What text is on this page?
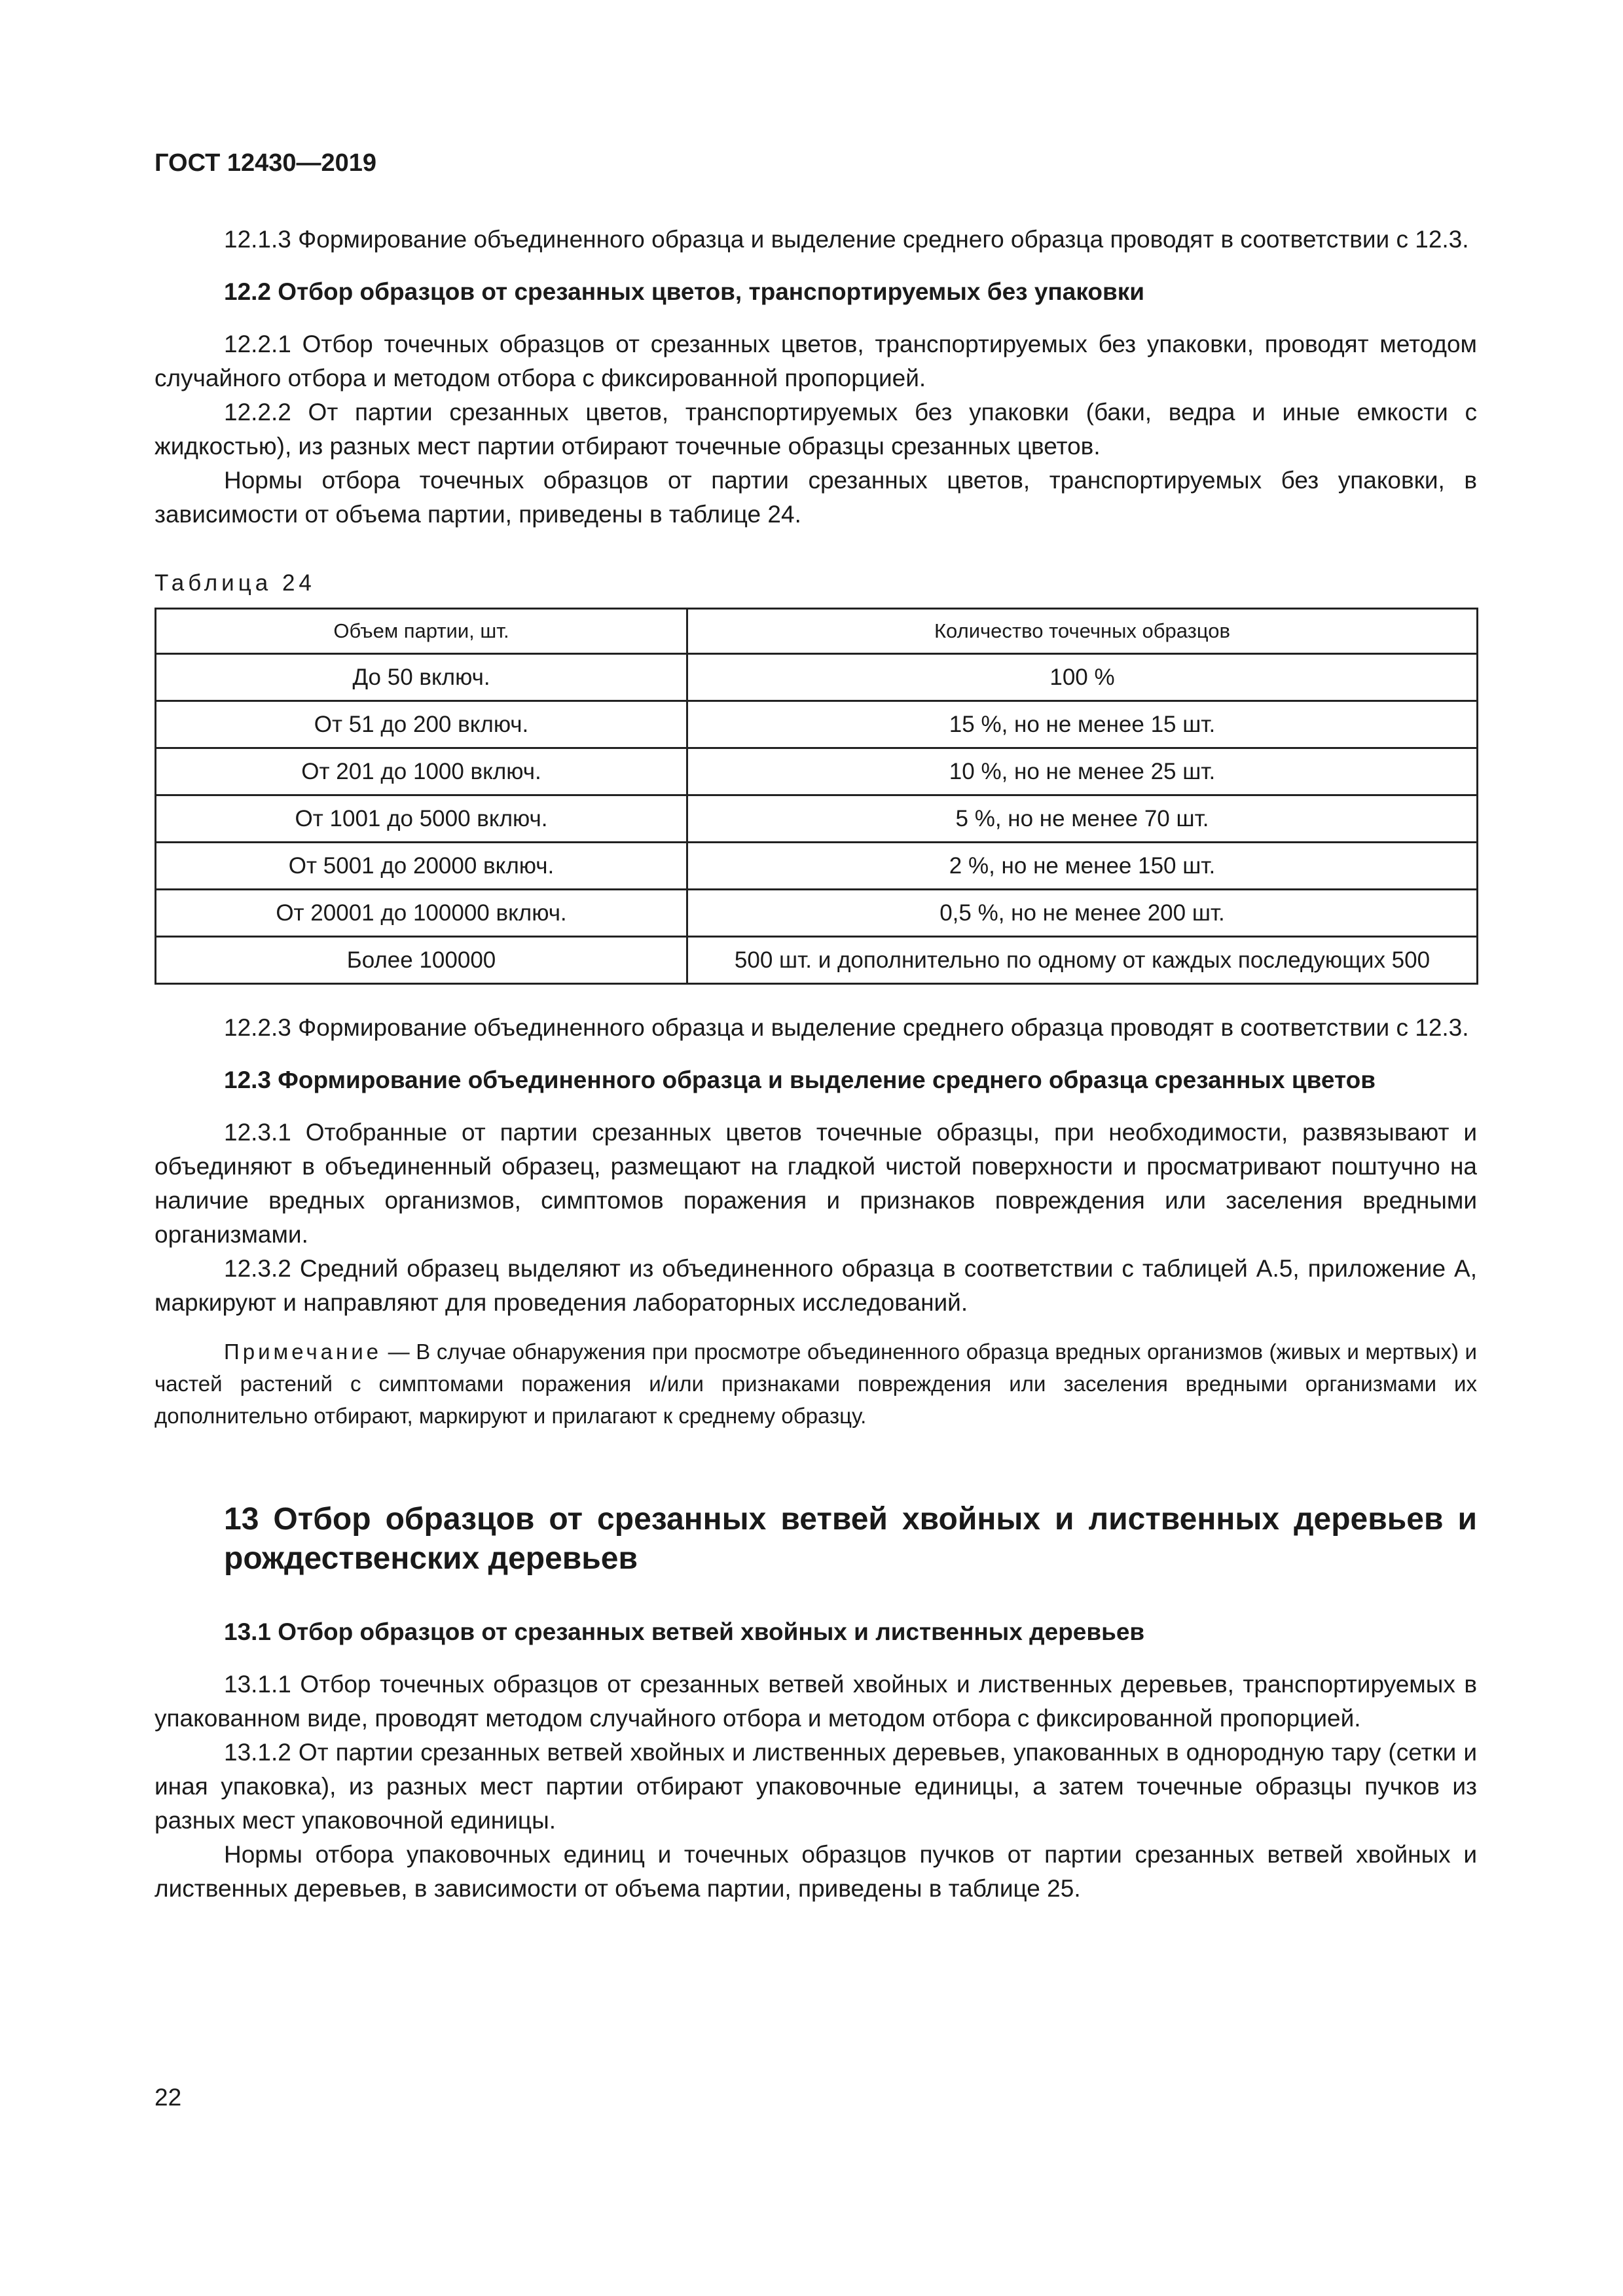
ГОСТ 12430—2019

12.1.3 Формирование объединенного образца и выделение среднего образца проводят в соответствии с 12.3.

12.2 Отбор образцов от срезанных цветов, транспортируемых без упаковки

12.2.1 Отбор точечных образцов от срезанных цветов, транспортируемых без упаковки, проводят методом случайного отбора и методом отбора с фиксированной пропорцией.

12.2.2 От партии срезанных цветов, транспортируемых без упаковки (баки, ведра и иные емкости с жидкостью), из разных мест партии отбирают точечные образцы срезанных цветов.

Нормы отбора точечных образцов от партии срезанных цветов, транспортируемых без упаковки, в зависимости от объема партии, приведены в таблице 24.

Таблица 24
Объем партии, шт.	Количество точечных образцов
До 50 включ.	100 %
От 51 до 200 включ.	15 %, но не менее 15 шт.
От 201 до 1000 включ.	10 %, но не менее 25 шт.
От 1001 до 5000 включ.	5 %, но не менее 70 шт.
От 5001 до 20000 включ.	2 %, но не менее 150 шт.
От 20001 до 100000 включ.	0,5 %, но не менее 200 шт.
Более 100000	500 шт. и дополнительно по одному от каждых последующих 500

12.2.3 Формирование объединенного образца и выделение среднего образца проводят в соответствии с 12.3.

12.3 Формирование объединенного образца и выделение среднего образца срезанных цветов

12.3.1 Отобранные от партии срезанных цветов точечные образцы, при необходимости, развязывают и объединяют в объединенный образец, размещают на гладкой чистой поверхности и просматривают поштучно на наличие вредных организмов, симптомов поражения и признаков повреждения или заселения вредными организмами.

12.3.2 Средний образец выделяют из объединенного образца в соответствии с таблицей А.5, приложение А, маркируют и направляют для проведения лабораторных исследований.

Примечание — В случае обнаружения при просмотре объединенного образца вредных организмов (живых и мертвых) и частей растений с симптомами поражения и/или признаками повреждения или заселения вредными организмами их дополнительно отбирают, маркируют и прилагают к среднему образцу.

13 Отбор образцов от срезанных ветвей хвойных и лиственных деревьев и рождественских деревьев

13.1 Отбор образцов от срезанных ветвей хвойных и лиственных деревьев

13.1.1 Отбор точечных образцов от срезанных ветвей хвойных и лиственных деревьев, транспортируемых в упакованном виде, проводят методом случайного отбора и методом отбора с фиксированной пропорцией.

13.1.2 От партии срезанных ветвей хвойных и лиственных деревьев, упакованных в однородную тару (сетки и иная упаковка), из разных мест партии отбирают упаковочные единицы, а затем точечные образцы пучков из разных мест упаковочной единицы.

Нормы отбора упаковочных единиц и точечных образцов пучков от партии срезанных ветвей хвойных и лиственных деревьев, в зависимости от объема партии, приведены в таблице 25.

22
